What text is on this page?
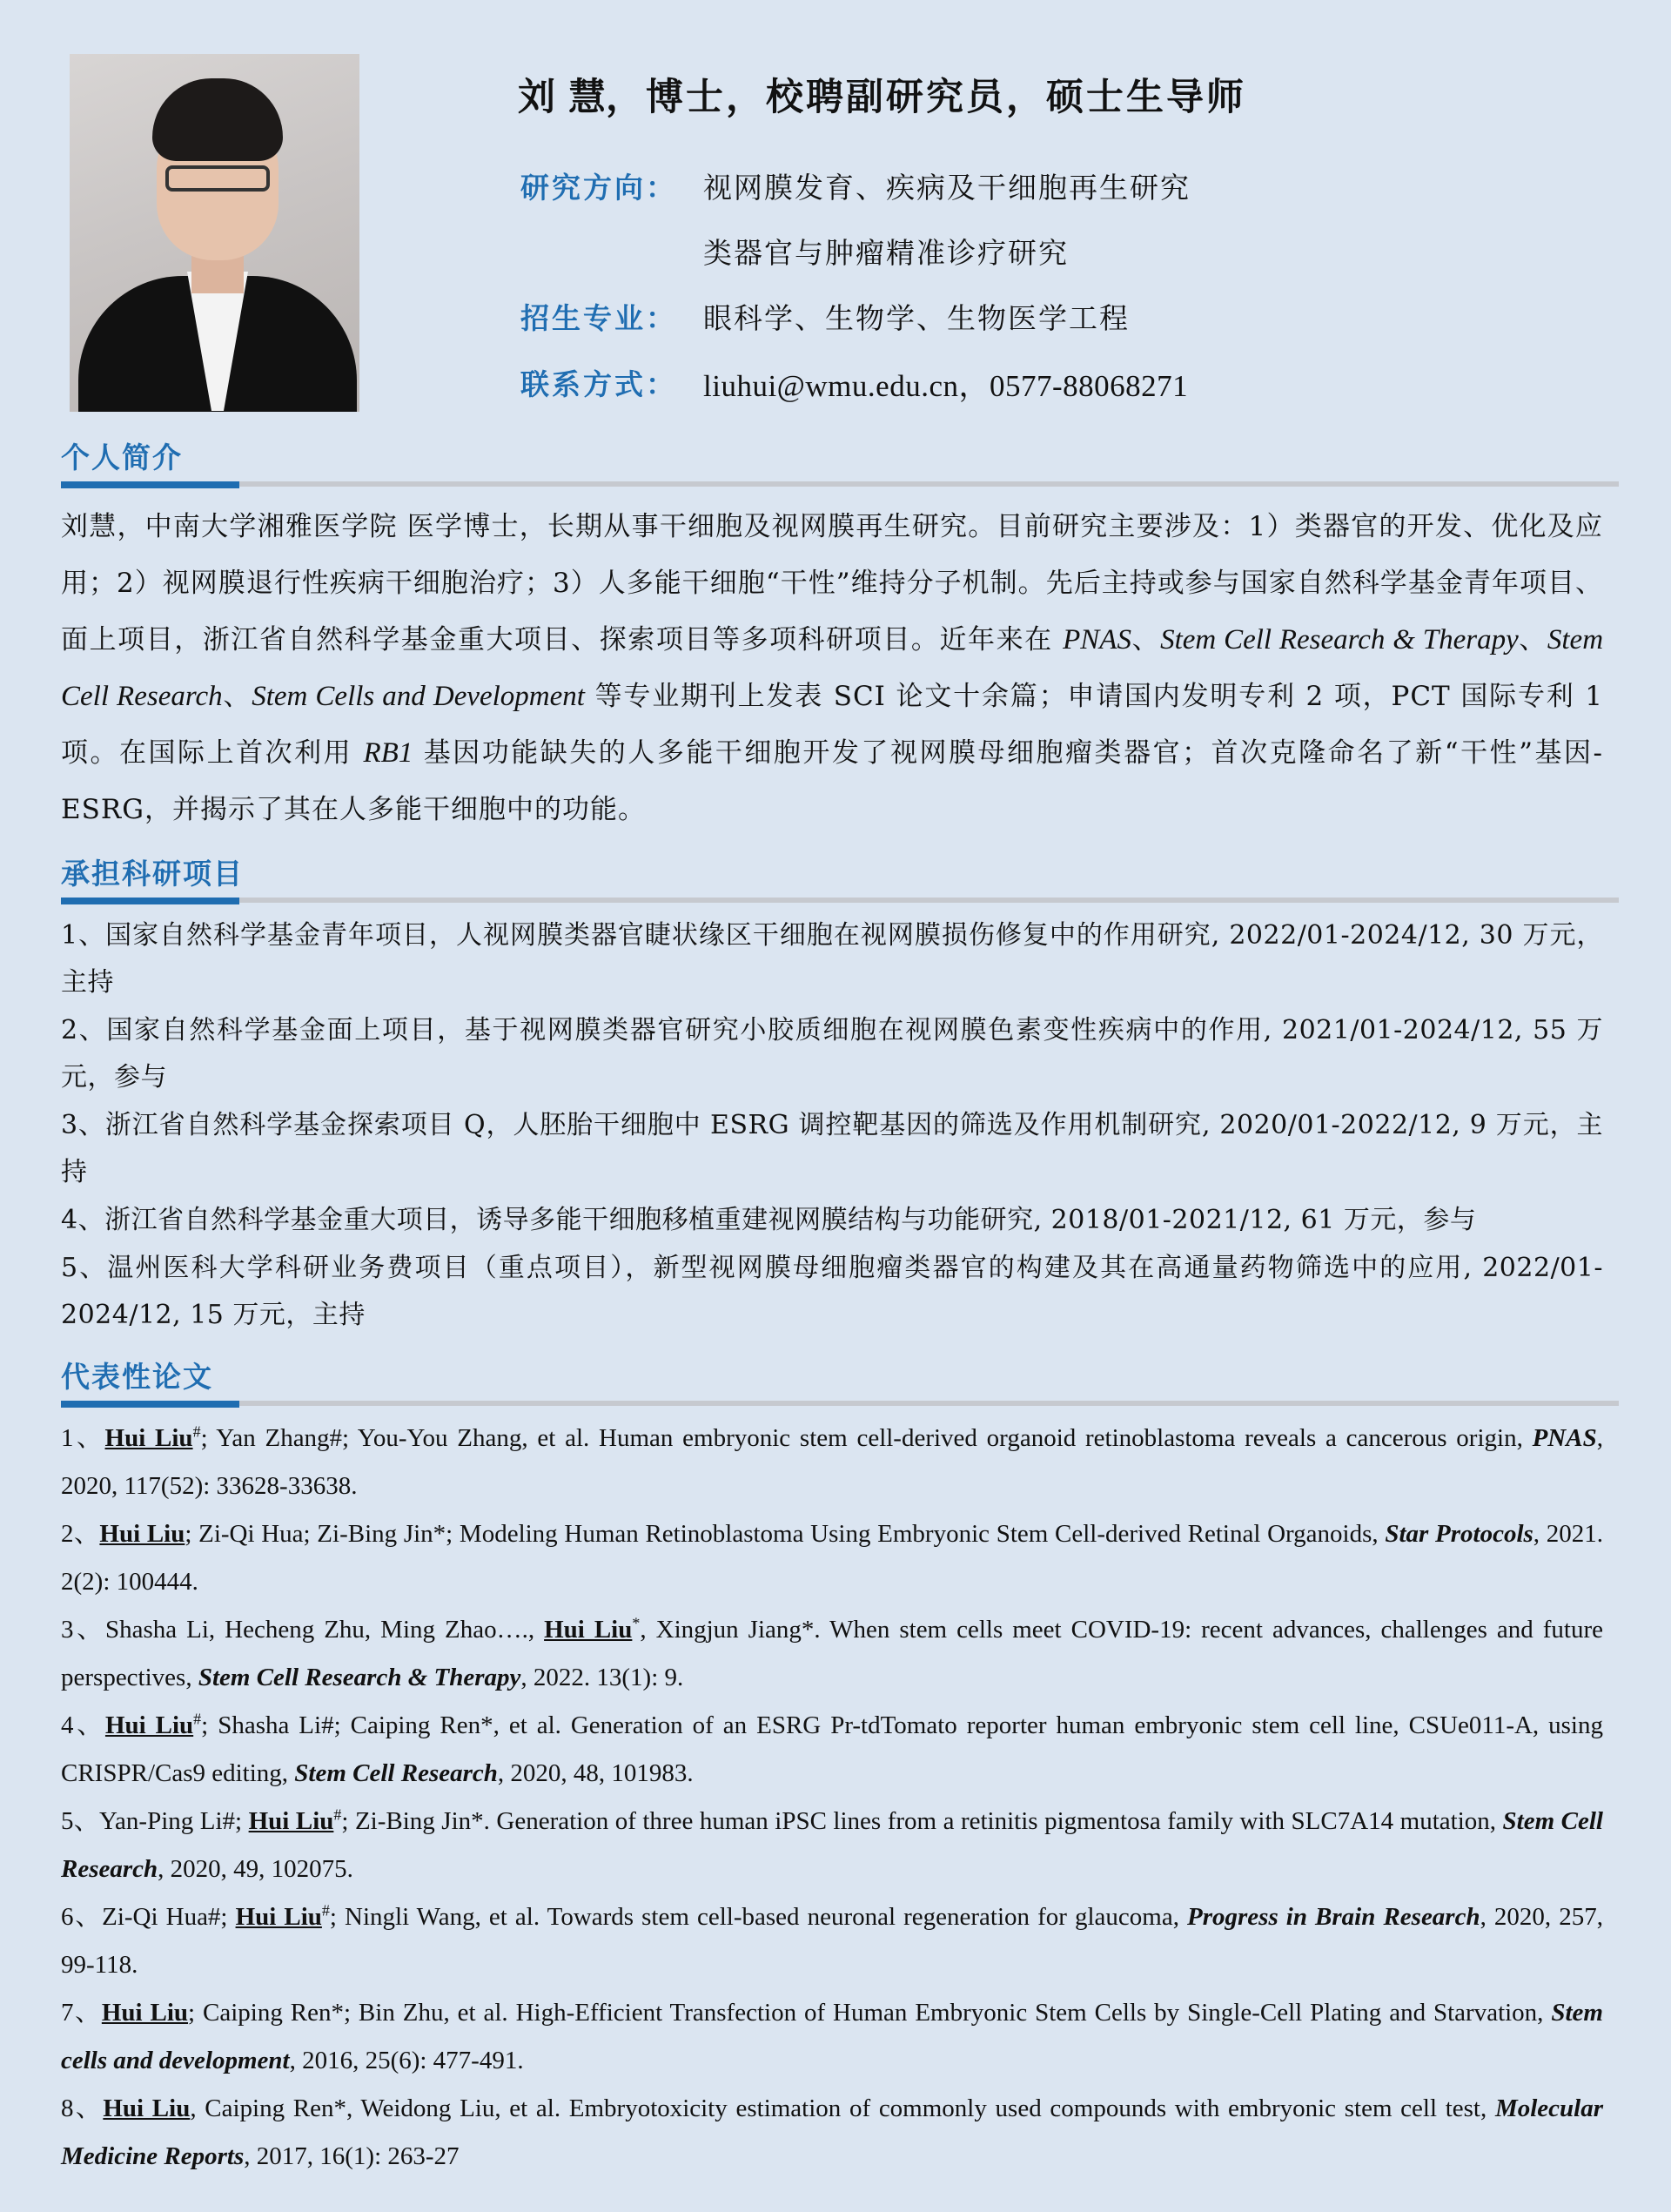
刘 慧，博士，校聘副研究员，硕士生导师
研究方向： 视网膜发育、疾病及干细胞再生研究
类器官与肿瘤精准诊疗研究
招生专业： 眼科学、生物学、生物医学工程
联系方式： liuhui@wmu.edu.cn，0577-88068271
个人简介
刘慧，中南大学湘雅医学院 医学博士，长期从事干细胞及视网膜再生研究。目前研究主要涉及：1）类器官的开发、优化及应用；2）视网膜退行性疾病干细胞治疗；3）人多能干细胞“干性”维持分子机制。先后主持或参与国家自然科学基金青年项目、面上项目，浙江省自然科学基金重大项目、探索项目等多项科研项目。近年来在 PNAS、Stem Cell Research & Therapy、Stem Cell Research、Stem Cells and Development 等专业期刊上发表 SCI 论文十余篇；申请国内发明专利 2 项，PCT 国际专利 1 项。在国际上首次利用 RB1 基因功能缺失的人多能干细胞开发了视网膜母细胞瘤类器官；首次克隆命名了新“干性”基因-ESRG，并揭示了其在人多能干细胞中的功能。
承担科研项目
1、国家自然科学基金青年项目，人视网膜类器官睫状缘区干细胞在视网膜损伤修复中的作用研究, 2022/01-2024/12, 30 万元，主持
2、国家自然科学基金面上项目，基于视网膜类器官研究小胶质细胞在视网膜色素变性疾病中的作用, 2021/01-2024/12, 55 万元，参与
3、浙江省自然科学基金探索项目 Q，人胚胎干细胞中 ESRG 调控靶基因的筛选及作用机制研究, 2020/01-2022/12, 9 万元，主持
4、浙江省自然科学基金重大项目，诱导多能干细胞移植重建视网膜结构与功能研究, 2018/01-2021/12, 61 万元，参与
5、温州医科大学科研业务费项目（重点项目），新型视网膜母细胞瘤类器官的构建及其在高通量药物筛选中的应用, 2022/01-2024/12, 15 万元，主持
代表性论文
1、Hui Liu#; Yan Zhang#; You-You Zhang, et al. Human embryonic stem cell-derived organoid retinoblastoma reveals a cancerous origin, PNAS, 2020, 117(52): 33628-33638.
2、Hui Liu; Zi-Qi Hua; Zi-Bing Jin*; Modeling Human Retinoblastoma Using Embryonic Stem Cell-derived Retinal Organoids, Star Protocols, 2021. 2(2): 100444.
3、Shasha Li, Hecheng Zhu, Ming Zhao…., Hui Liu*, Xingjun Jiang*. When stem cells meet COVID-19: recent advances, challenges and future perspectives, Stem Cell Research & Therapy, 2022. 13(1): 9.
4、Hui Liu#; Shasha Li#; Caiping Ren*, et al. Generation of an ESRG Pr-tdTomato reporter human embryonic stem cell line, CSUe011-A, using CRISPR/Cas9 editing, Stem Cell Research, 2020, 48, 101983.
5、Yan-Ping Li#; Hui Liu#; Zi-Bing Jin*. Generation of three human iPSC lines from a retinitis pigmentosa family with SLC7A14 mutation, Stem Cell Research, 2020, 49, 102075.
6、Zi-Qi Hua#; Hui Liu#; Ningli Wang, et al. Towards stem cell-based neuronal regeneration for glaucoma, Progress in Brain Research, 2020, 257, 99-118.
7、Hui Liu; Caiping Ren*; Bin Zhu, et al. High-Efficient Transfection of Human Embryonic Stem Cells by Single-Cell Plating and Starvation, Stem cells and development, 2016, 25(6): 477-491.
8、Hui Liu, Caiping Ren*, Weidong Liu, et al. Embryotoxicity estimation of commonly used compounds with embryonic stem cell test, Molecular Medicine Reports, 2017, 16(1): 263-27
